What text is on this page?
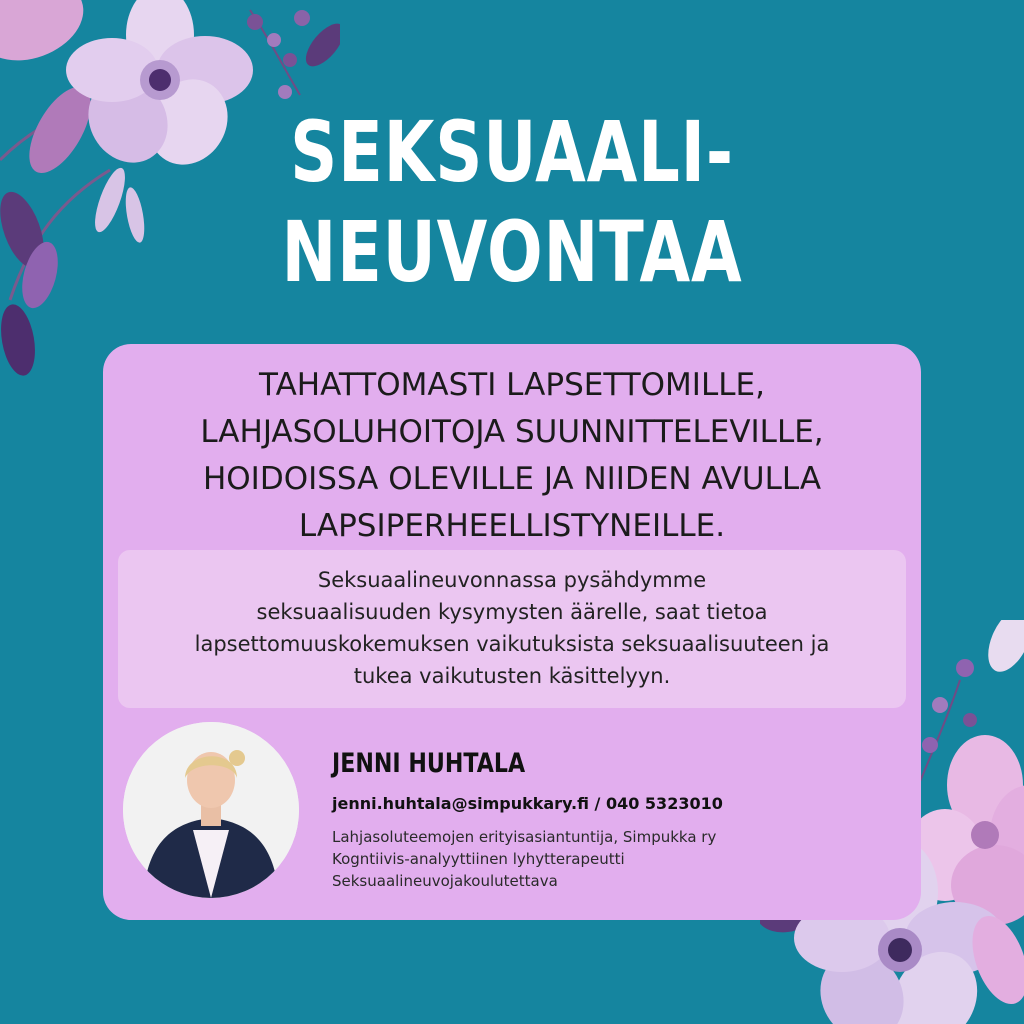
SEKSUAALI-
NEUVONTAA
TAHATTOMASTI LAPSETTOMILLE,
LAHJASOLUHOITOJA SUUNNITTELEVILLE,
HOIDOISSA OLEVILLE JA NIIDEN AVULLA
LAPSIPERHEELLISTYNEILLE.
Seksuaalineuvonnassa pysähdymme
seksuaalisuuden kysymysten äärelle, saat tietoa
lapsettomuuskokemuksen vaikutuksista seksuaalisuuteen ja
tukea vaikutusten käsittelyyn.
JENNI HUHTALA
jenni.huhtala@simpukkary.fi / 040 5323010
Lahjasoluteemojen erityisasiantuntija, Simpukka ry
Kogntiivis-analyyttiinen lyhytterapeutti
Seksuaalineuvojakoulutettava
